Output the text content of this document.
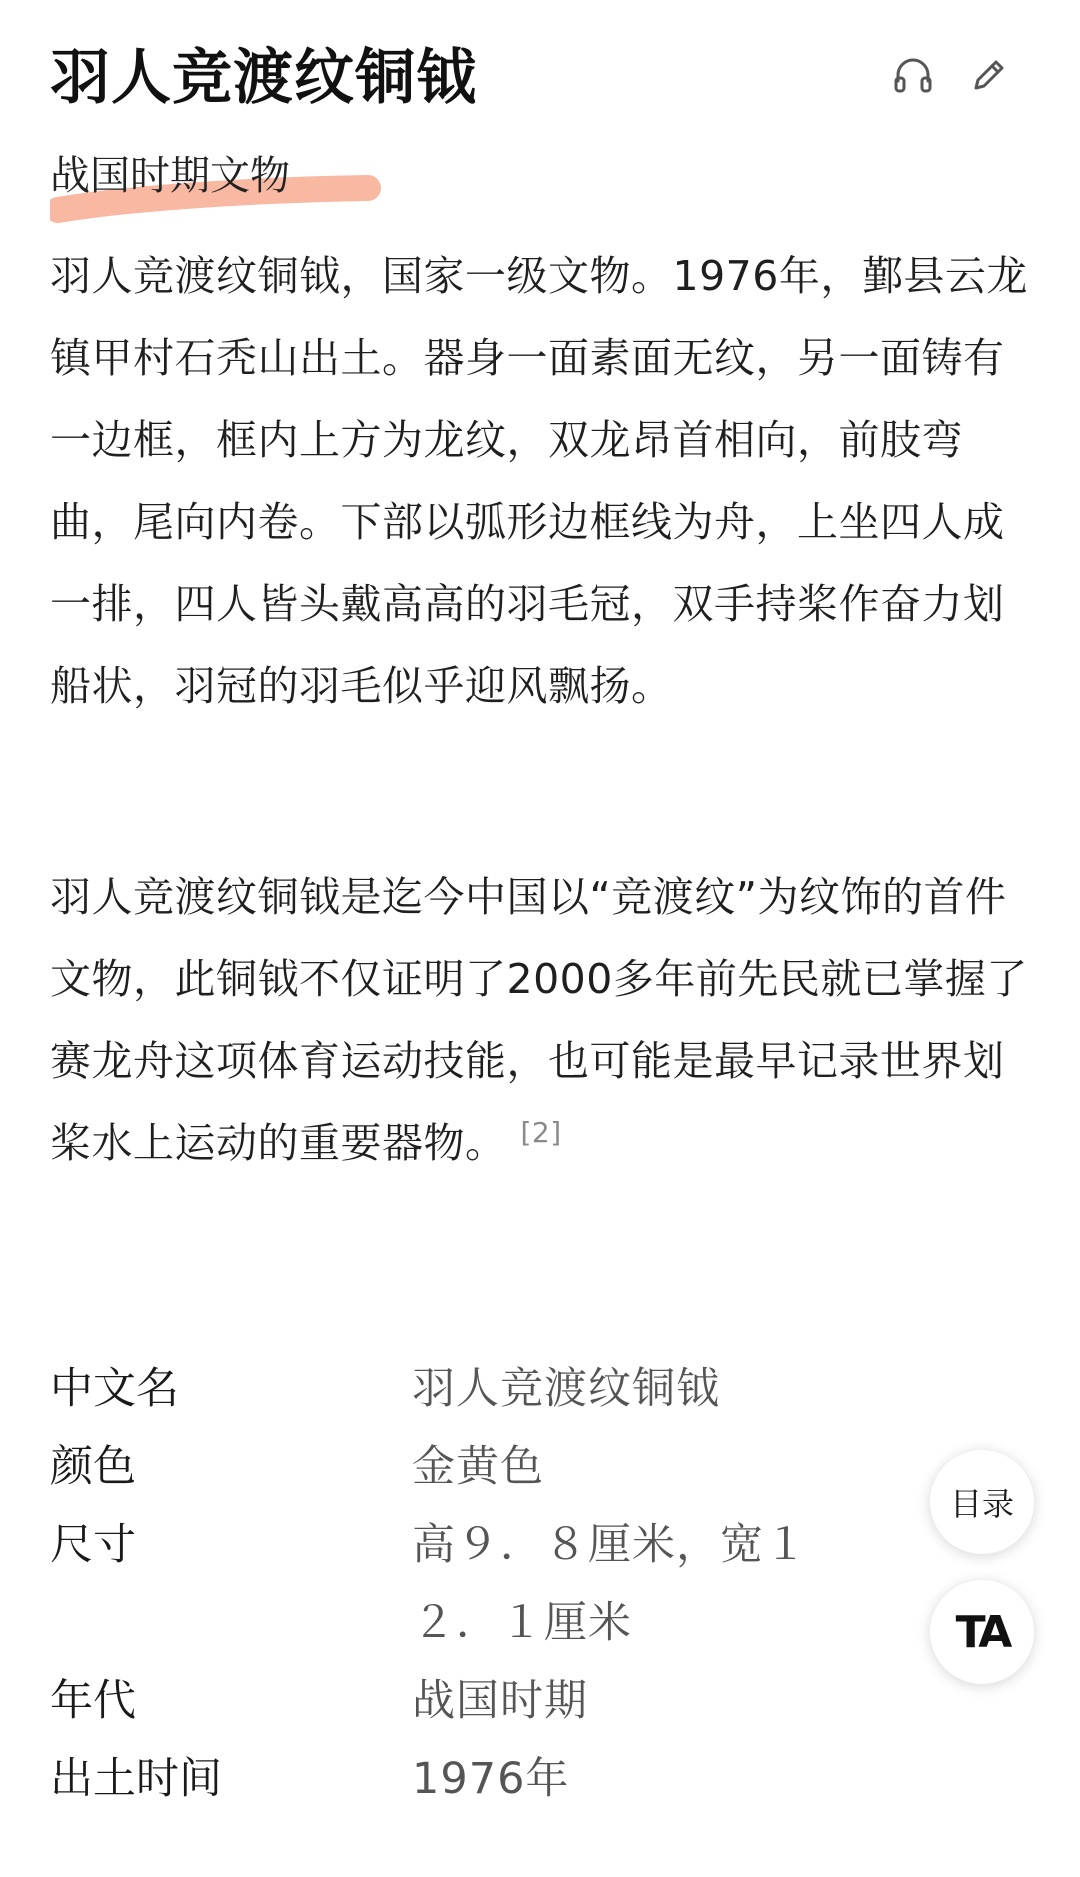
羽人竞渡纹铜钺
战国时期文物

羽人竞渡纹铜钺，国家一级文物。1976年，鄞县云龙镇甲村石秃山出土。器身一面素面无纹，另一面铸有一边框，框内上方为龙纹，双龙昂首相向，前肢弯曲，尾向内卷。下部以弧形边框线为舟，上坐四人成一排，四人皆头戴高高的羽毛冠，双手持桨作奋力划船状，羽冠的羽毛似乎迎风飘扬。

羽人竞渡纹铜钺是迄今中国以“竞渡纹”为纹饰的首件文物，此铜钺不仅证明了2000多年前先民就已掌握了赛龙舟这项体育运动技能，也可能是最早记录世界划桨水上运动的重要器物。 [2]

中文名	羽人竞渡纹铜钺
颜色	金黄色
尺寸	高９．８厘米，宽１２．１厘米
年代	战国时期
出土时间	1976年
目录
TA
